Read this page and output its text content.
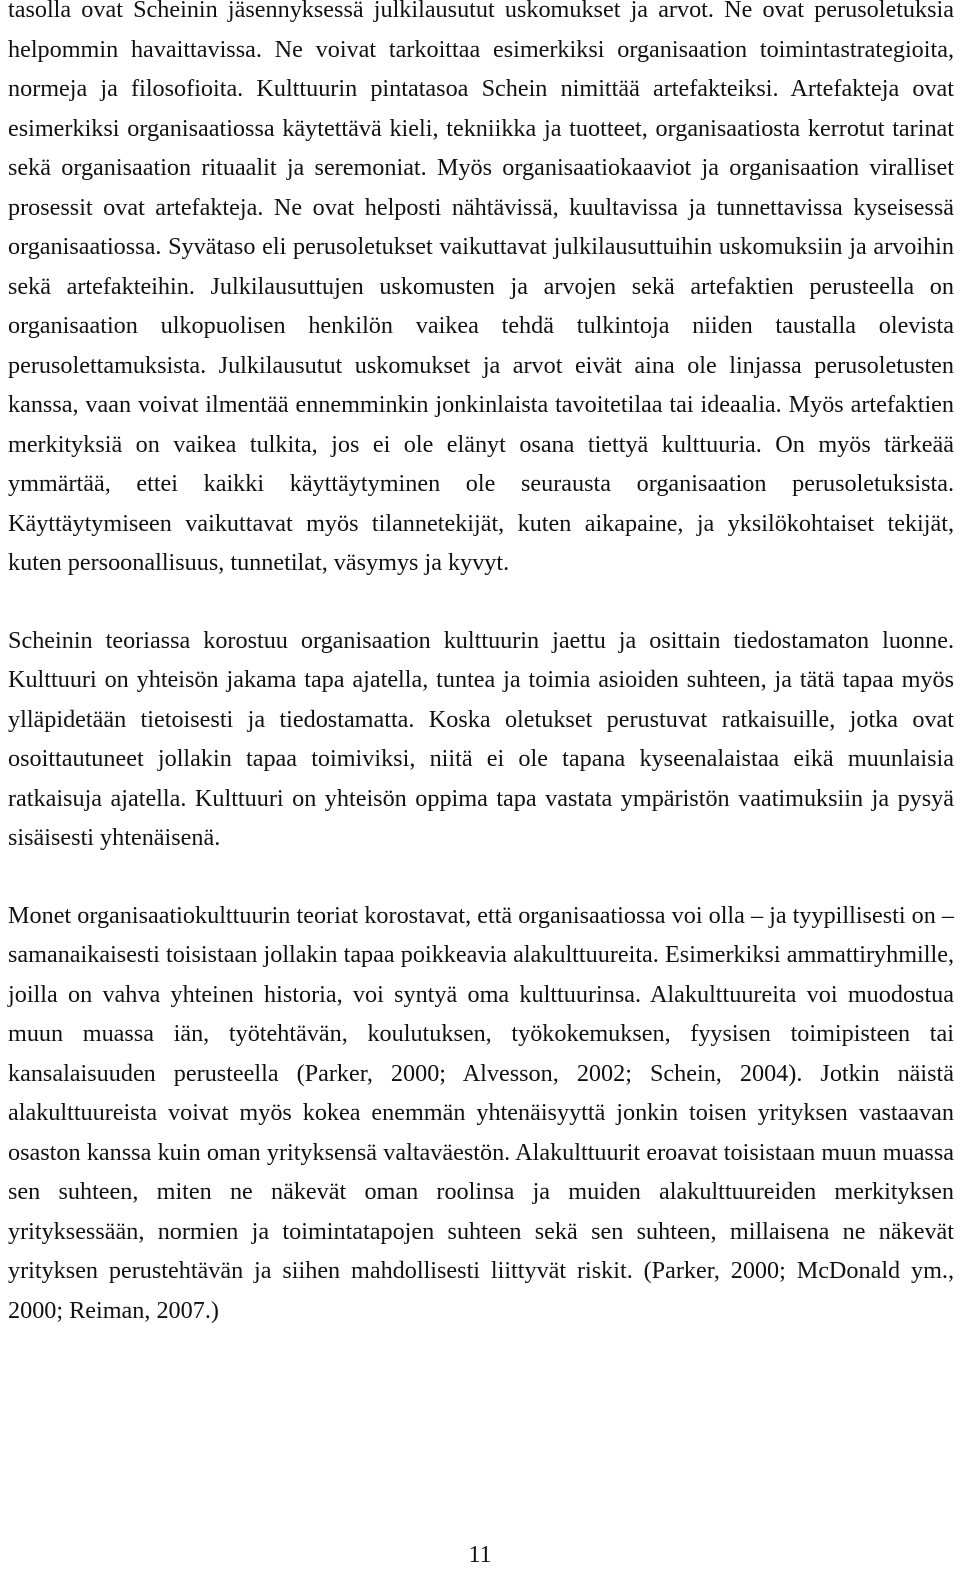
tasolla ovat Scheinin jäsennyksessä julkilausutut uskomukset ja arvot. Ne ovat perusoletuksia helpommin havaittavissa. Ne voivat tarkoittaa esimerkiksi organisaation toimintastrategioita, normeja ja filosofioita. Kulttuurin pintatasoa Schein nimittää artefakteiksi. Artefakteja ovat esimerkiksi organisaatiossa käytettävä kieli, tekniikka ja tuotteet, organisaatiosta kerrotut tarinat sekä organisaation rituaalit ja seremoniat. Myös organisaatiokaaviot ja organisaation viralliset prosessit ovat artefakteja. Ne ovat helposti nähtävissä, kuultavissa ja tunnettavissa kyseisessä organisaatiossa. Syvätaso eli perusoletukset vaikuttavat julkilausuttuihin uskomuksiin ja arvoihin sekä artefakteihin. Julkilausuttujen uskomusten ja arvojen sekä artefaktien perusteella on organisaation ulkopuolisen henkilön vaikea tehdä tulkintoja niiden taustalla olevista perusolettamuksista. Julkilausutut uskomukset ja arvot eivät aina ole linjassa perusoletusten kanssa, vaan voivat ilmentää ennemminkin jonkinlaista tavoitetilaa tai ideaalia. Myös artefaktien merkityksiä on vaikea tulkita, jos ei ole elänyt osana tiettyä kulttuuria. On myös tärkeää ymmärtää, ettei kaikki käyttäytyminen ole seurausta organisaation perusoletuksista. Käyttäytymiseen vaikuttavat myös tilannetekijät, kuten aikapaine, ja yksilökohtaiset tekijät, kuten persoonallisuus, tunnetilat, väsymys ja kyvyt.

Scheinin teoriassa korostuu organisaation kulttuurin jaettu ja osittain tiedostamaton luonne. Kulttuuri on yhteisön jakama tapa ajatella, tuntea ja toimia asioiden suhteen, ja tätä tapaa myös ylläpidetään tietoisesti ja tiedostamatta. Koska oletukset perustuvat ratkaisuille, jotka ovat osoittautuneet jollakin tapaa toimiviksi, niitä ei ole tapana kyseenalaistaa eikä muunlaisia ratkaisuja ajatella. Kulttuuri on yhteisön oppima tapa vastata ympäristön vaatimuksiin ja pysyä sisäisesti yhtenäisenä.

Monet organisaatiokulttuurin teoriat korostavat, että organisaatiossa voi olla – ja tyypillisesti on – samanaikaisesti toisistaan jollakin tapaa poikkeavia alakulttuureita. Esimerkiksi ammattiryhmille, joilla on vahva yhteinen historia, voi syntyä oma kulttuurinsa. Alakulttuureita voi muodostua muun muassa iän, työtehtävän, koulutuksen, työkokemuksen, fyysisen toimipisteen tai kansalaisuuden perusteella (Parker, 2000; Alvesson, 2002; Schein, 2004). Jotkin näistä alakulttuureista voivat myös kokea enemmän yhtenäisyyttä jonkin toisen yrityksen vastaavan osaston kanssa kuin oman yrityksensä valtaväestön. Alakulttuurit eroavat toisistaan muun muassa sen suhteen, miten ne näkevät oman roolinsa ja muiden alakulttuureiden merkityksen yrityksessään, normien ja toimintatapojen suhteen sekä sen suhteen, millaisena ne näkevät yrityksen perustehtävän ja siihen mahdollisesti liittyvät riskit. (Parker, 2000; McDonald ym., 2000; Reiman, 2007.)

11
